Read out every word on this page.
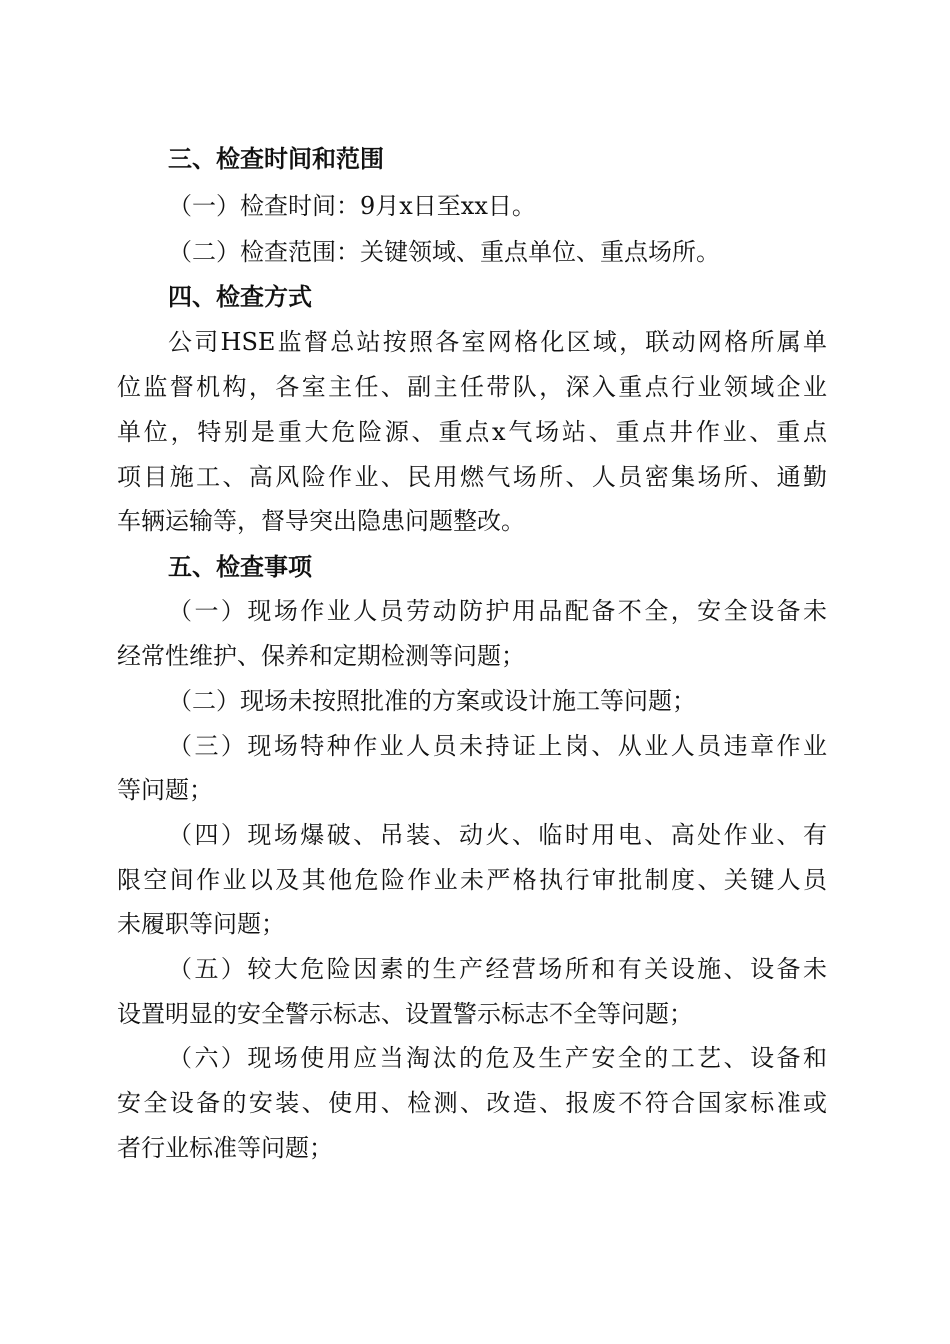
三、检查时间和范围
（一）检查时间：9月x日至xx日。
（二）检查范围：关键领域、重点单位、重点场所。
四、检查方式
公司HSE监督总站按照各室网格化区域，联动网格所属单
位监督机构，各室主任、副主任带队，深入重点行业领域企业
单位，特别是重大危险源、重点x气场站、重点井作业、重点
项目施工、高风险作业、民用燃气场所、人员密集场所、通勤
车辆运输等，督导突出隐患问题整改。
五、检查事项
（一）现场作业人员劳动防护用品配备不全，安全设备未
经常性维护、保养和定期检测等问题；
（二）现场未按照批准的方案或设计施工等问题；
（三）现场特种作业人员未持证上岗、从业人员违章作业
等问题；
（四）现场爆破、吊装、动火、临时用电、高处作业、有
限空间作业以及其他危险作业未严格执行审批制度、关键人员
未履职等问题；
（五）较大危险因素的生产经营场所和有关设施、设备未
设置明显的安全警示标志、设置警示标志不全等问题；
（六）现场使用应当淘汰的危及生产安全的工艺、设备和
安全设备的安装、使用、检测、改造、报废不符合国家标准或
者行业标准等问题；
